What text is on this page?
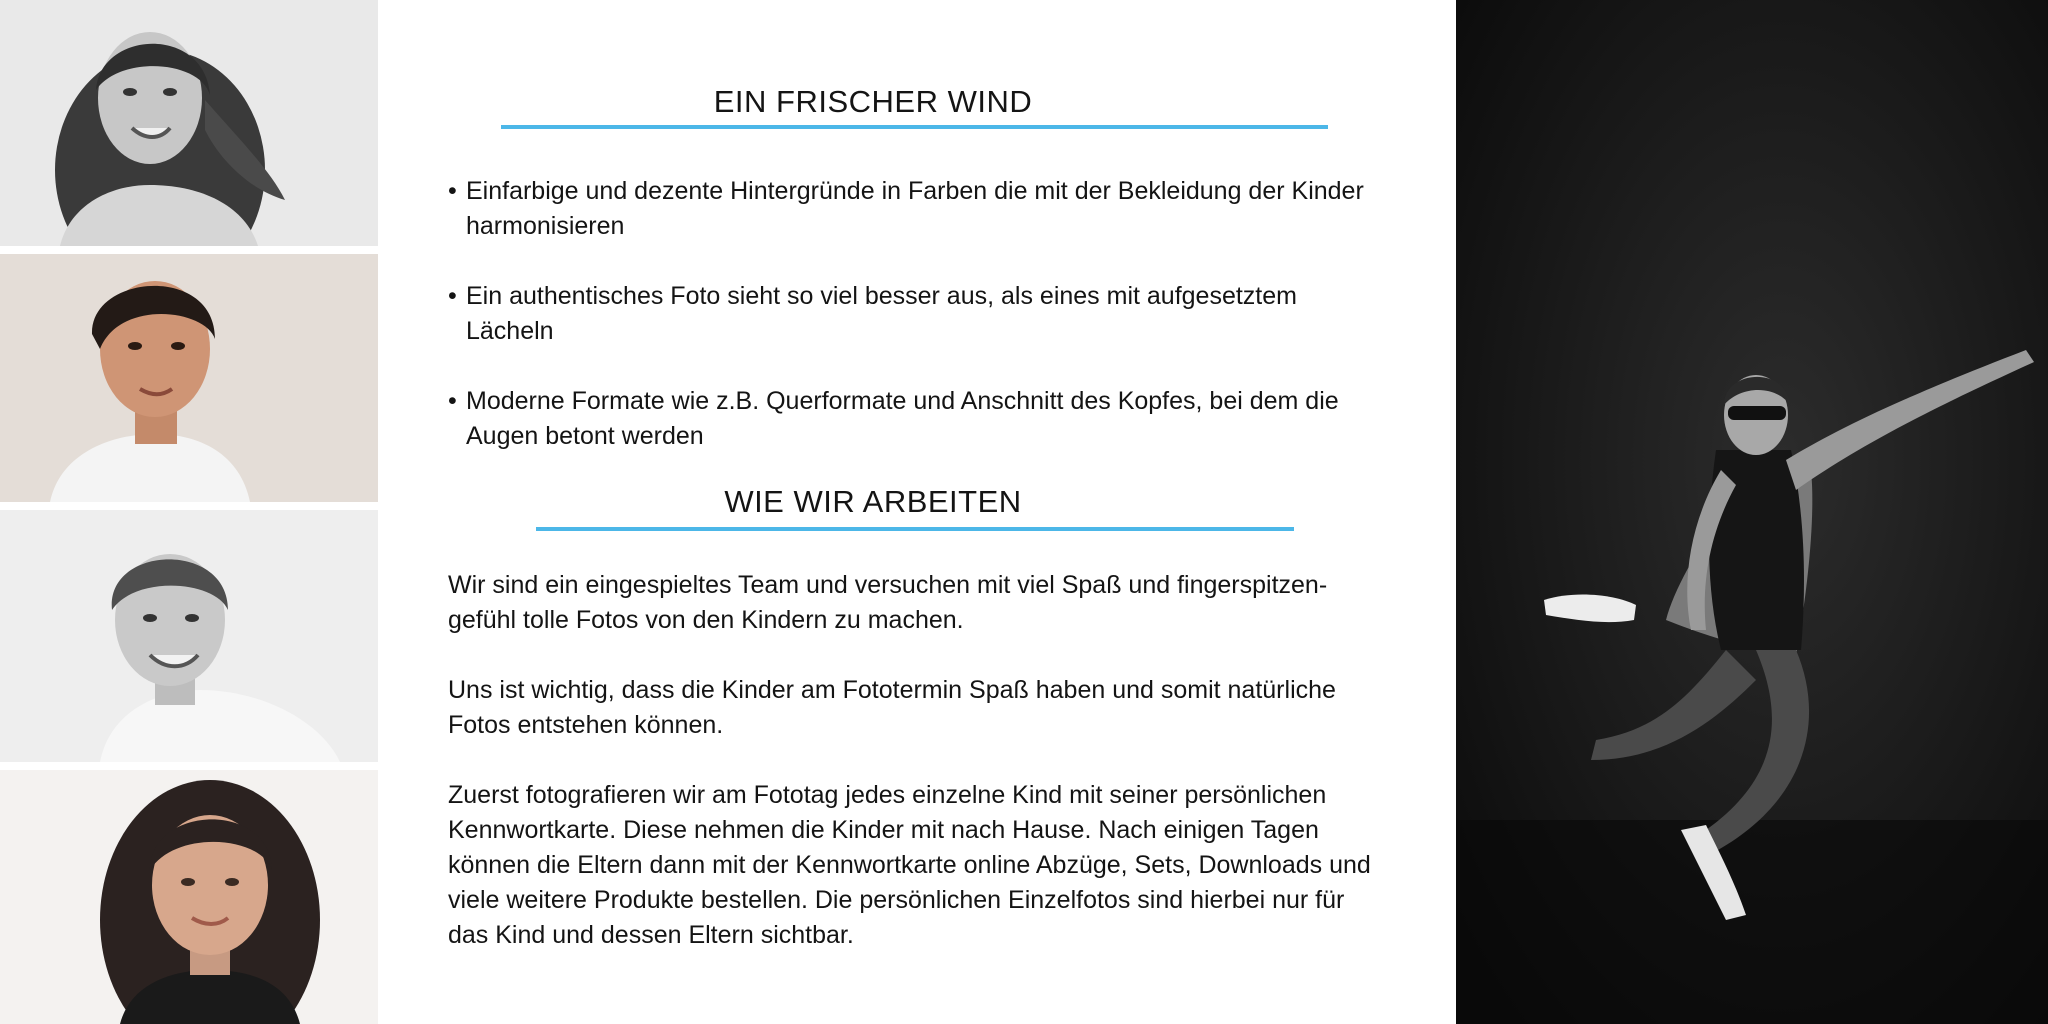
EIN FRISCHER WIND
• Einfarbige und dezente Hintergründe in Farben die mit der Bekleidung der Kinder harmonisieren
• Ein authentisches Foto sieht so viel besser aus, als eines mit aufgesetztem Lächeln
• Moderne Formate wie z.B. Querformate und Anschnitt des Kopfes, bei dem die Augen betont werden
WIE WIR ARBEITEN

Wir sind ein eingespieltes Team und versuchen mit viel Spaß und fingerspitzen-gefühl tolle Fotos von den Kindern zu machen.

Uns ist wichtig, dass die Kinder am Fototermin Spaß haben und somit natürliche Fotos entstehen können.

Zuerst fotografieren wir am Fototag jedes einzelne Kind mit seiner persönlichen Kennwortkarte. Diese nehmen die Kinder mit nach Hause. Nach einigen Tagen können die Eltern dann mit der Kennwortkarte online Abzüge, Sets, Downloads und viele weitere Produkte bestellen. Die persönlichen Einzelfotos sind hierbei nur für das Kind und dessen Eltern sichtbar.
